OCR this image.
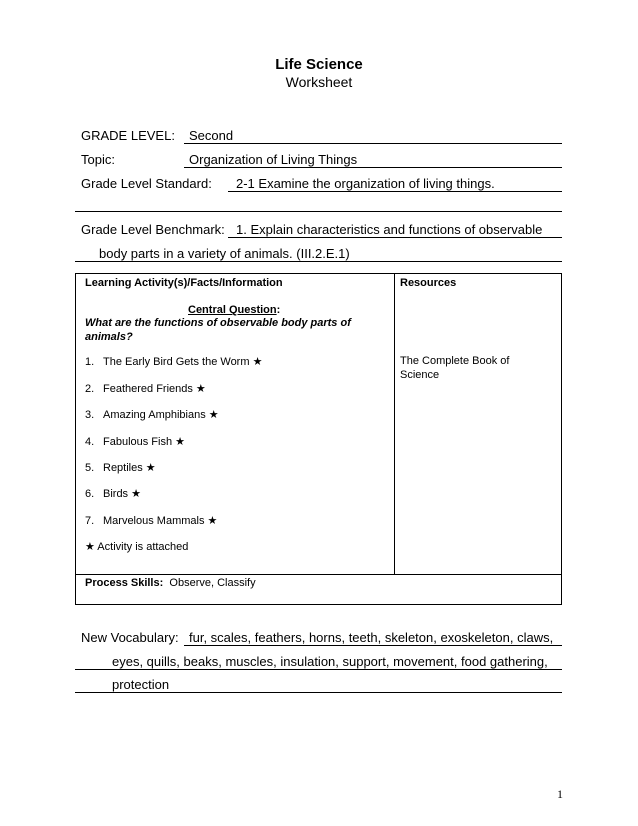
Life Science
Worksheet
GRADE LEVEL: Second
Topic:	Organization of Living Things
Grade Level Standard: 2-1 Examine the organization of living things.
Grade Level Benchmark: 1. Explain characteristics and functions of observable
body parts in a variety of animals. (III.2.E.1)
Learning Activity(s)/Facts/Information	Resources
Central Question:
What are the functions of observable body parts of
animals?
1. The Early Bird Gets the Worm ★
2. Feathered Friends ★
3. Amazing Amphibians ★
4. Fabulous Fish ★
5. Reptiles ★
6. Birds ★
7. Marvelous Mammals ★
★ Activity is attached
The Complete Book of
Science
Process Skills: Observe, Classify
New Vocabulary: fur, scales, feathers, horns, teeth, skeleton, exoskeleton, claws,
eyes, quills, beaks, muscles, insulation, support, movement, food gathering,
protection
1
